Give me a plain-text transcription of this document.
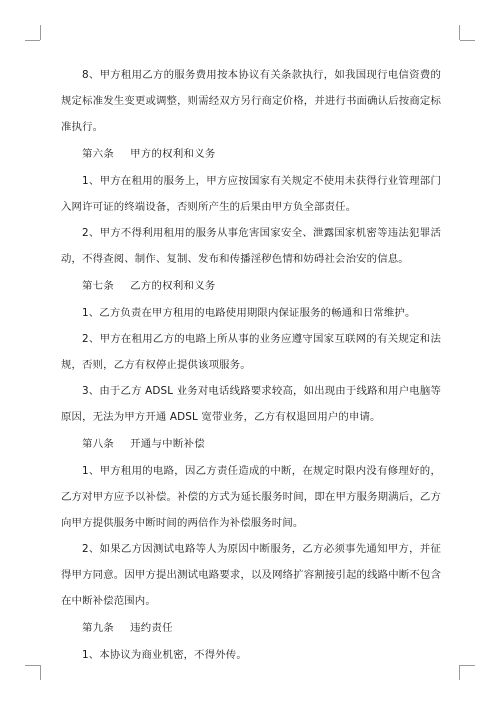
8、甲方租用乙方的服务费用按本协议有关条款执行，如我国现行电信资费的规定标准发生变更或调整，则需经双方另行商定价格，并进行书面确认后按商定标准执行。

第六条 甲方的权利和义务

1、甲方在租用的服务上，甲方应按国家有关规定不使用未获得行业管理部门入网许可证的终端设备，否则所产生的后果由甲方负全部责任。

2、甲方不得利用租用的服务从事危害国家安全、泄露国家机密等违法犯罪活动，不得查阅、制作、复制、发布和传播淫秽色情和妨碍社会治安的信息。

第七条 乙方的权利和义务

1、乙方负责在甲方租用的电路使用期限内保证服务的畅通和日常维护。

2、甲方在租用乙方的电路上所从事的业务应遵守国家互联网的有关规定和法规，否则，乙方有权停止提供该项服务。

3、由于乙方 ADSL 业务对电话线路要求较高，如出现由于线路和用户电脑等原因，无法为甲方开通 ADSL 宽带业务，乙方有权退回用户的申请。

第八条 开通与中断补偿

1、甲方租用的电路，因乙方责任造成的中断，在规定时限内没有修理好的，乙方对甲方应予以补偿。补偿的方式为延长服务时间，即在甲方服务期满后，乙方向甲方提供服务中断时间的两倍作为补偿服务时间。

2、如果乙方因测试电路等人为原因中断服务，乙方必须事先通知甲方，并征得甲方同意。因甲方提出测试电路要求，以及网络扩容割接引起的线路中断不包含在中断补偿范围内。

第九条 违约责任

1、本协议为商业机密，不得外传。
